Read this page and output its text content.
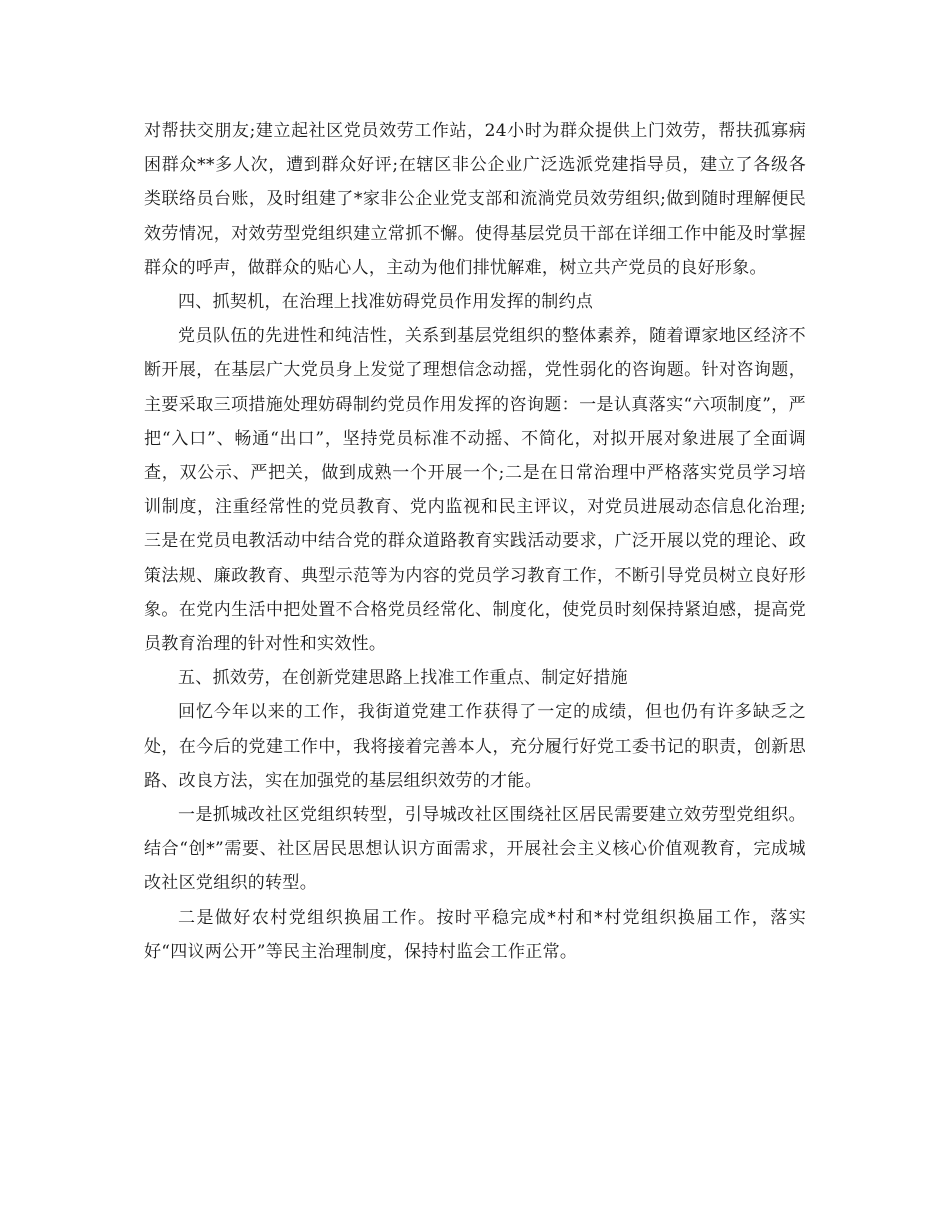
对帮扶交朋友;建立起社区党员效劳工作站，24小时为群众提供上门效劳，帮扶孤寡病困群众**多人次，遭到群众好评;在辖区非公企业广泛选派党建指导员，建立了各级各类联络员台账，及时组建了*家非公企业党支部和流淌党员效劳组织;做到随时理解便民效劳情况，对效劳型党组织建立常抓不懈。使得基层党员干部在详细工作中能及时掌握群众的呼声，做群众的贴心人，主动为他们排忧解难，树立共产党员的良好形象。

四、抓契机，在治理上找准妨碍党员作用发挥的制约点

党员队伍的先进性和纯洁性，关系到基层党组织的整体素养，随着谭家地区经济不断开展，在基层广大党员身上发觉了理想信念动摇，党性弱化的咨询题。针对咨询题，主要采取三项措施处理妨碍制约党员作用发挥的咨询题：一是认真落实“六项制度”，严把“入口”、畅通“出口”，坚持党员标准不动摇、不简化，对拟开展对象进展了全面调查，双公示、严把关，做到成熟一个开展一个;二是在日常治理中严格落实党员学习培训制度，注重经常性的党员教育、党内监视和民主评议，对党员进展动态信息化治理;三是在党员电教活动中结合党的群众道路教育实践活动要求，广泛开展以党的理论、政策法规、廉政教育、典型示范等为内容的党员学习教育工作，不断引导党员树立良好形象。在党内生活中把处置不合格党员经常化、制度化，使党员时刻保持紧迫感，提高党员教育治理的针对性和实效性。

五、抓效劳，在创新党建思路上找准工作重点、制定好措施

回忆今年以来的工作，我街道党建工作获得了一定的成绩，但也仍有许多缺乏之处，在今后的党建工作中，我将接着完善本人，充分履行好党工委书记的职责，创新思路、改良方法，实在加强党的基层组织效劳的才能。

一是抓城改社区党组织转型，引导城改社区围绕社区居民需要建立效劳型党组织。结合“创*”需要、社区居民思想认识方面需求，开展社会主义核心价值观教育，完成城改社区党组织的转型。

二是做好农村党组织换届工作。按时平稳完成*村和*村党组织换届工作，落实好“四议两公开”等民主治理制度，保持村监会工作正常。
